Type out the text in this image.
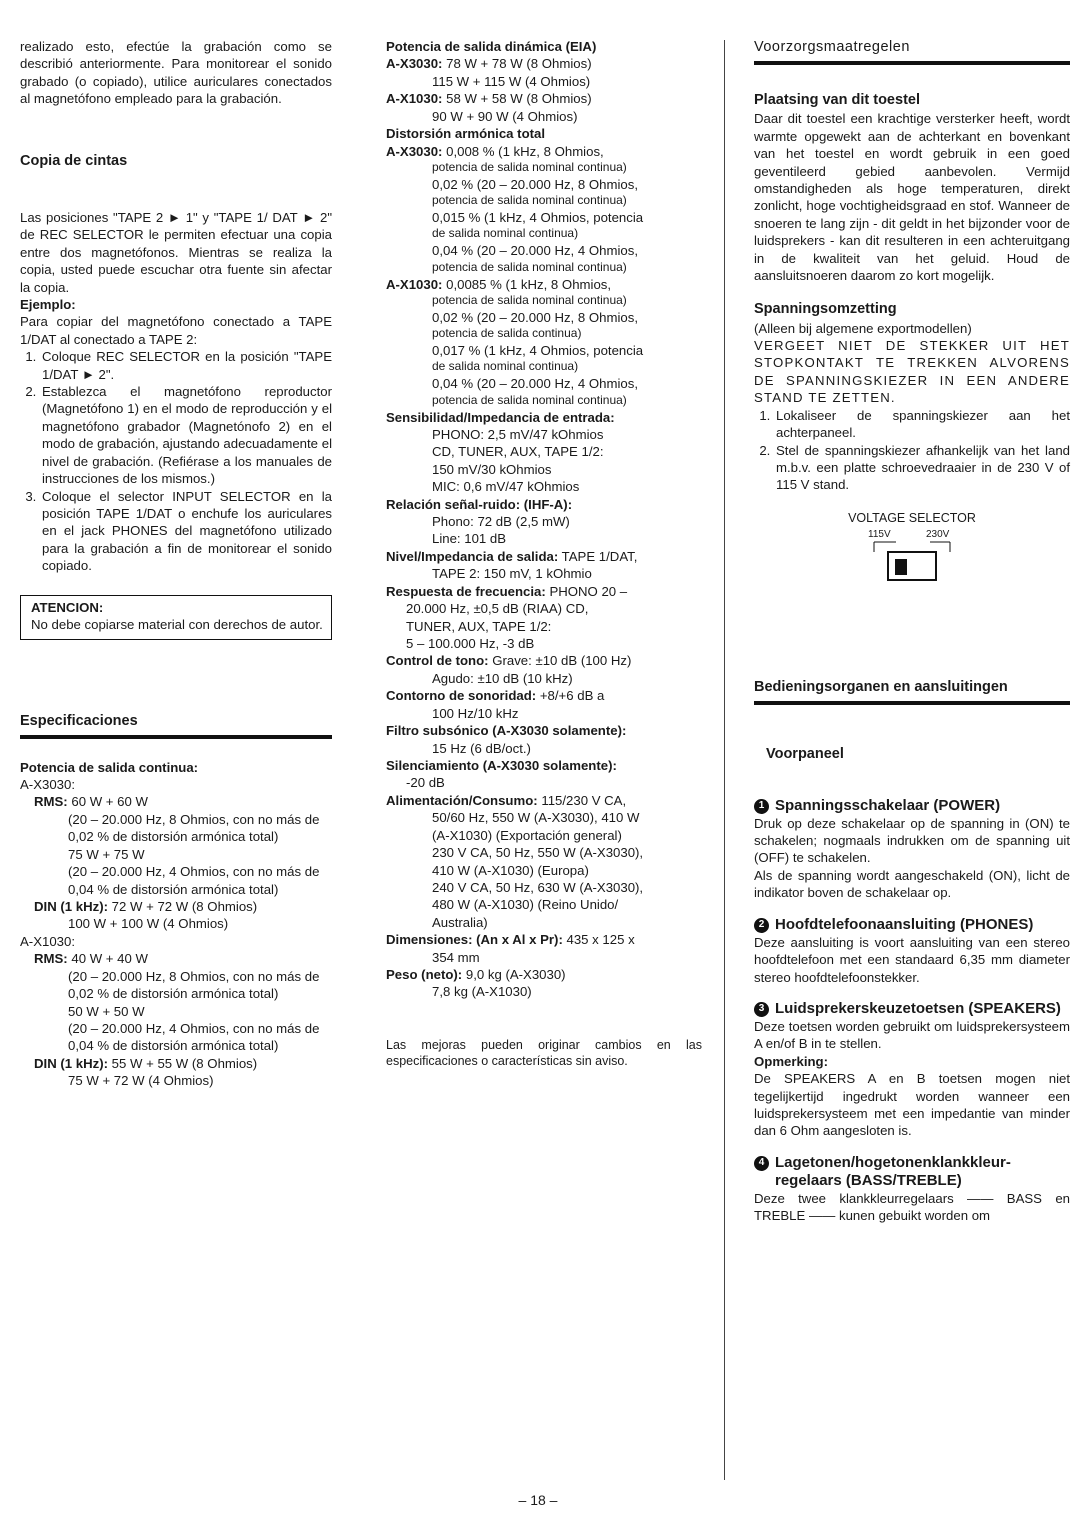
realizado esto, efectúe la grabación como se describió anteriormente. Para monitorear el sonido grabado (o copiado), utilice auriculares conectados al magnetófono empleado para la grabación.

Copia de cintas

Las posiciones "TAPE 2 ► 1" y "TAPE 1/ DAT ► 2" de REC SELECTOR le permiten efectuar una copia entre dos magnetófonos. Mientras se realiza la copia, usted puede escuchar otra fuente sin afectar la copia.

Ejemplo:

Para copiar del magnetófono conectado a TAPE 1/DAT al conectado a TAPE 2:

1. Coloque REC SELECTOR en la posición "TAPE 1/DAT ► 2".
2. Establezca el magnetófono reproductor (Magnetófono 1) en el modo de reproducción y el magnetófono grabador (Magnetónofo 2) en el modo de grabación, ajustando adecuadamente el nivel de grabación. (Refiérase a los manuales de instrucciones de los mismos.)
3. Coloque el selector INPUT SELECTOR en la posición TAPE 1/DAT o enchufe los auriculares en el jack PHONES del magnetófono utilizado para la grabación a fin de monitorear el sonido copiado.
ATENCION:
No debe copiarse material con derechos de autor.
Especificaciones
Potencia de salida continua:
A-X3030:
RMS: 60 W + 60 W
(20 – 20.000 Hz, 8 Ohmios, con no más de 0,02 % de distorsión armónica total)
75 W + 75 W
(20 – 20.000 Hz, 4 Ohmios, con no más de 0,04 % de distorsión armónica total)
DIN (1 kHz): 72 W + 72 W (8 Ohmios)
100 W + 100 W (4 Ohmios)
A-X1030:
RMS: 40 W + 40 W
(20 – 20.000 Hz, 8 Ohmios, con no más de 0,02 % de distorsión armónica total)
50 W + 50 W
(20 – 20.000 Hz, 4 Ohmios, con no más de 0,04 % de distorsión armónica total)
DIN (1 kHz): 55 W + 55 W (8 Ohmios)
75 W + 72 W (4 Ohmios)
Potencia de salida dinámica (EIA)
A-X3030: 78 W + 78 W (8 Ohmios)
115 W + 115 W (4 Ohmios)
A-X1030: 58 W + 58 W (8 Ohmios)
90 W + 90 W (4 Ohmios)
Distorsión armónica total
A-X3030: 0,008 % (1 kHz, 8 Ohmios,
potencia de salida nominal continua)
0,02 % (20 – 20.000 Hz, 8 Ohmios,
potencia de salida nominal continua)
0,015 % (1 kHz, 4 Ohmios, potencia
de salida nominal continua)
0,04 % (20 – 20.000 Hz, 4 Ohmios,
potencia de salida nominal continua)
A-X1030: 0,0085 % (1 kHz, 8 Ohmios,
potencia de salida nominal continua)
0,02 % (20 – 20.000 Hz, 8 Ohmios,
potencia de salida continua)
0,017 % (1 kHz, 4 Ohmios, potencia
de salida nominal continua)
0,04 % (20 – 20.000 Hz, 4 Ohmios,
potencia de salida nominal continua)
Sensibilidad/Impedancia de entrada:
PHONO: 2,5 mV/47 kOhmios
CD, TUNER, AUX, TAPE 1/2:
150 mV/30 kOhmios
MIC: 0,6 mV/47 kOhmios
Relación señal-ruido: (IHF-A):
Phono: 72 dB (2,5 mW)
Line: 101 dB
Nivel/Impedancia de salida: TAPE 1/DAT,
TAPE 2: 150 mV, 1 kOhmio
Respuesta de frecuencia: PHONO 20 –
20.000 Hz, ±0,5 dB (RIAA) CD,
TUNER, AUX, TAPE 1/2:
5 – 100.000 Hz, -3 dB
Control de tono: Grave: ±10 dB (100 Hz)
Agudo: ±10 dB (10 kHz)
Contorno de sonoridad: +8/+6 dB a
100 Hz/10 kHz
Filtro subsónico (A-X3030 solamente):
15 Hz (6 dB/oct.)
Silenciamiento (A-X3030 solamente):
-20 dB
Alimentación/Consumo: 115/230 V CA,
50/60 Hz, 550 W (A-X3030), 410 W
(A-X1030) (Exportación general)
230 V CA, 50 Hz, 550 W (A-X3030),
410 W (A-X1030) (Europa)
240 V CA, 50 Hz, 630 W (A-X3030),
480 W (A-X1030) (Reino Unido/
Australia)
Dimensiones: (An x Al x Pr): 435 x 125 x
354 mm
Peso (neto): 9,0 kg (A-X3030)
7,8 kg (A-X1030)

Las mejoras pueden originar cambios en las especificaciones o características sin aviso.

Voorzorgsmaatregelen
Plaatsing van dit toestel

Daar dit toestel een krachtige versterker heeft, wordt warmte opgewekt aan de achterkant en bovenkant van het toestel en wordt gebruik in een goed geventileerd gebied aanbevolen. Vermijd omstandigheden als hoge temperaturen, direkt zonlicht, hoge vochtigheidsgraad en stof. Wanneer de snoeren te lang zijn - dit geldt in het bijzonder voor de luidsprekers - kan dit resulteren in een achteruitgang in de kwaliteit van het geluid. Houd de aansluitsnoeren daarom zo kort mogelijk.

Spanningsomzetting

(Alleen bij algemene exportmodellen)

VERGEET NIET DE STEKKER UIT HET STOPKONTAKT TE TREKKEN ALVORENS DE SPANNINGSKIEZER IN EEN ANDERE STAND TE ZETTEN.

1. Lokaliseer de spanningskiezer aan het achterpaneel.
2. Stel de spanningskiezer afhankelijk van het land m.b.v. een platte schroevedraaier in de 230 V of 115 V stand.
VOLTAGE SELECTOR
115V	230V
Bedieningsorganen en aansluitingen
Voorpaneel
1 Spanningsschakelaar (POWER)

Druk op deze schakelaar op de spanning in (ON) te schakelen; nogmaals indrukken om de spanning uit (OFF) te schakelen.

Als de spanning wordt aangeschakeld (ON), licht de indikator boven de schakelaar op.

2 Hoofdtelefoonaansluiting (PHONES)

Deze aansluiting is voort aansluiting van een stereo hoofdtelefoon met een standaard 6,35 mm diameter stereo hoofdtelefoonstekker.

3 Luidsprekerskeuzetoetsen (SPEAKERS)

Deze toetsen worden gebruikt om luidsprekersysteem A en/of B in te stellen.

Opmerking:

De SPEAKERS A en B toetsen mogen niet tegelijkertijd ingedrukt worden wanneer een luidsprekersysteem met een impedantie van minder dan 6 Ohm aangesloten is.

4 Lagetonen/hogetonenklankkleur-regelaars (BASS/TREBLE)

Deze twee klankkleurregelaars —— BASS en TREBLE —— kunen gebuikt worden om

– 18 –
